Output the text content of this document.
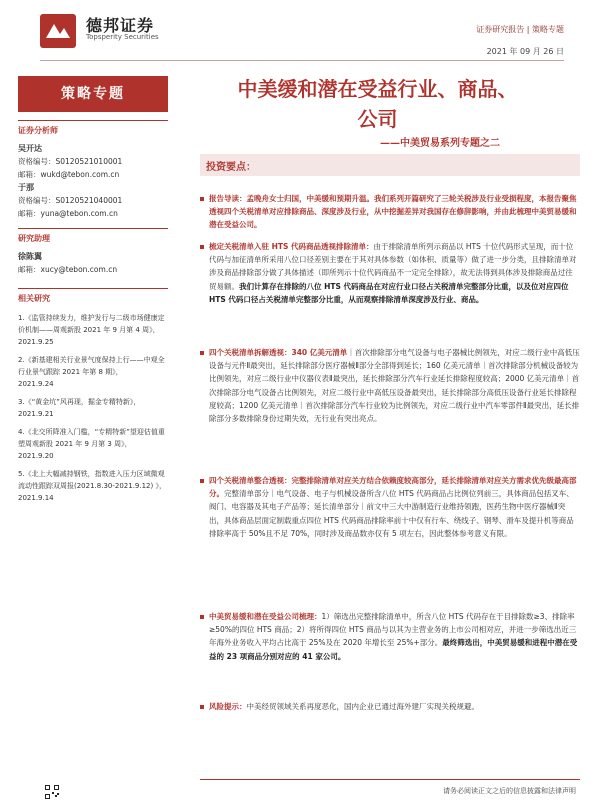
德邦证券
Topsperity Securities
证券研究报告 | 策略专题
2021 年 09 月 26 日
策略专题
证券分析师
吴开达
资格编号：S0120521010001
邮箱：wukd@tebon.com.cn
于那
资格编号：S0120521040001
邮箱：yuna@tebon.com.cn
研究助理
徐陈翼
邮箱：xucy@tebon.com.cn
相关研究
1.《监管持续发力，维护发行与二级市场健康定价机制——周观新股 2021 年 9 月第 4 周》，
2021.9.25
2.《新基建相关行业景气度保持上行——中观全行业景气跟踪 2021 年第 8 期》，
2021.9.24
3.《“黄金坑”风再现，掘金专精特新》，
2021.9.21
4.《北交所降准入门槛，“专精特新”望迎估值重塑周观新股 2021 年 9 月第 3 周》，
2021.9.20
5.《北上大幅减持钢铁，指数进入压力区域微观流动性跟踪双周报(2021.8.30-2021.9.12) 》，
2021.9.14
中美缓和潜在受益行业、商品、
公司
——中美贸易系列专题之二
投资要点：

报告导读：孟晚舟女士归国，中美缓和预期升温。我们系列开篇研究了三轮关税涉及行业受损程度，本报告聚焦透视四个关税清单对应排除商品、深度涉及行业，从中挖掘差异对我国存在修辞影响，并由此梳理中美贸易缓和潜在受益公司。

梳定关税清单入驻 HTS 代码商品透视排除清单：由于排除清单所列示商品以 HTS 十位代码形式呈现，而十位代码与加征清单所采用八位口径差别主要在于其对具体参数（如体积、质量等）做了进一步分类，且排除清单对涉及商品排除部分做了具体描述（即所列示十位代码商品不一定完全排除），故无法得到具体涉及排除商品过往贸易额。我们计算存在排除的八位 HTS 代码商品在对应行业口径占关税清单完整部分比重，以及位对应四位 HTS 代码口径占关税清单完整部分比重，从而观察排除清单深度涉及行业、商品。

四个关税清单拆解透视：340 亿美元清单｜首次排除部分电气设备与电子器械比例领先，对应二级行业中高低压设备与元件Ⅱ最突出，延长排除部分医疗器械Ⅱ部分全部得到延长；160 亿美元清单｜首次排除部分机械设备较为比例领先，对应二级行业中仪器仪表Ⅱ最突出，延长排除部分汽车行业延长排除程度较高；2000 亿美元清单｜首次排除部分电气设备占比例领先，对应二级行业中高低压设备最突出，延长排除部分高低压设备行业延长排除程度较高；1200 亿美元清单｜首次排除部分汽车行业较为比例领先，对应二级行业中汽车零部件Ⅱ最突出，延长排除部分多数排除身份过期失效，无行业有突出亮点。

四个关税清单整合透视：完整排除清单对应关方结合依赖度较高部分，延长排除清单对应关方需求优先级最高部分。完整清单部分｜电气设备、电子与机械设备所含八位 HTS 代码商品占比例位列前三，具体商品包括叉车、阀门、电容器及其电子产品等；延长清单部分｜前文中三大中游制造行业维持领跑，医药生物中医疗器械Ⅱ突出，具体商品层面定制载重点四位 HTS 代码商品排除率前十中仅有行车、绕线子、钢琴、滑车及提升机等商品排除率高于 50%且不足 70%，同时涉及商品数亦仅有 5 项左右，因此整体参考意义有限。

中美贸易缓和潜在受益公司梳理：1）筛选出完整排除清单中，所含八位 HTS 代码存在于目排除数≥3、排除率≥50%的四位 HTS 商品；2）将所得四位 HTS 商品与以其为主营业务的上市公司相对应，并进一步筛选出近三年海外业务收入平均占比高于 25%及在 2020 年增长至 25%+部分。最终筛选出，中美贸易缓和进程中潜在受益的 23 项商品分别对应的 41 家公司。

风险提示：中美经贸领域关系再度恶化，国内企业已通过海外建厂实现关税规避。

请务必阅读正文之后的信息披露和法律声明
